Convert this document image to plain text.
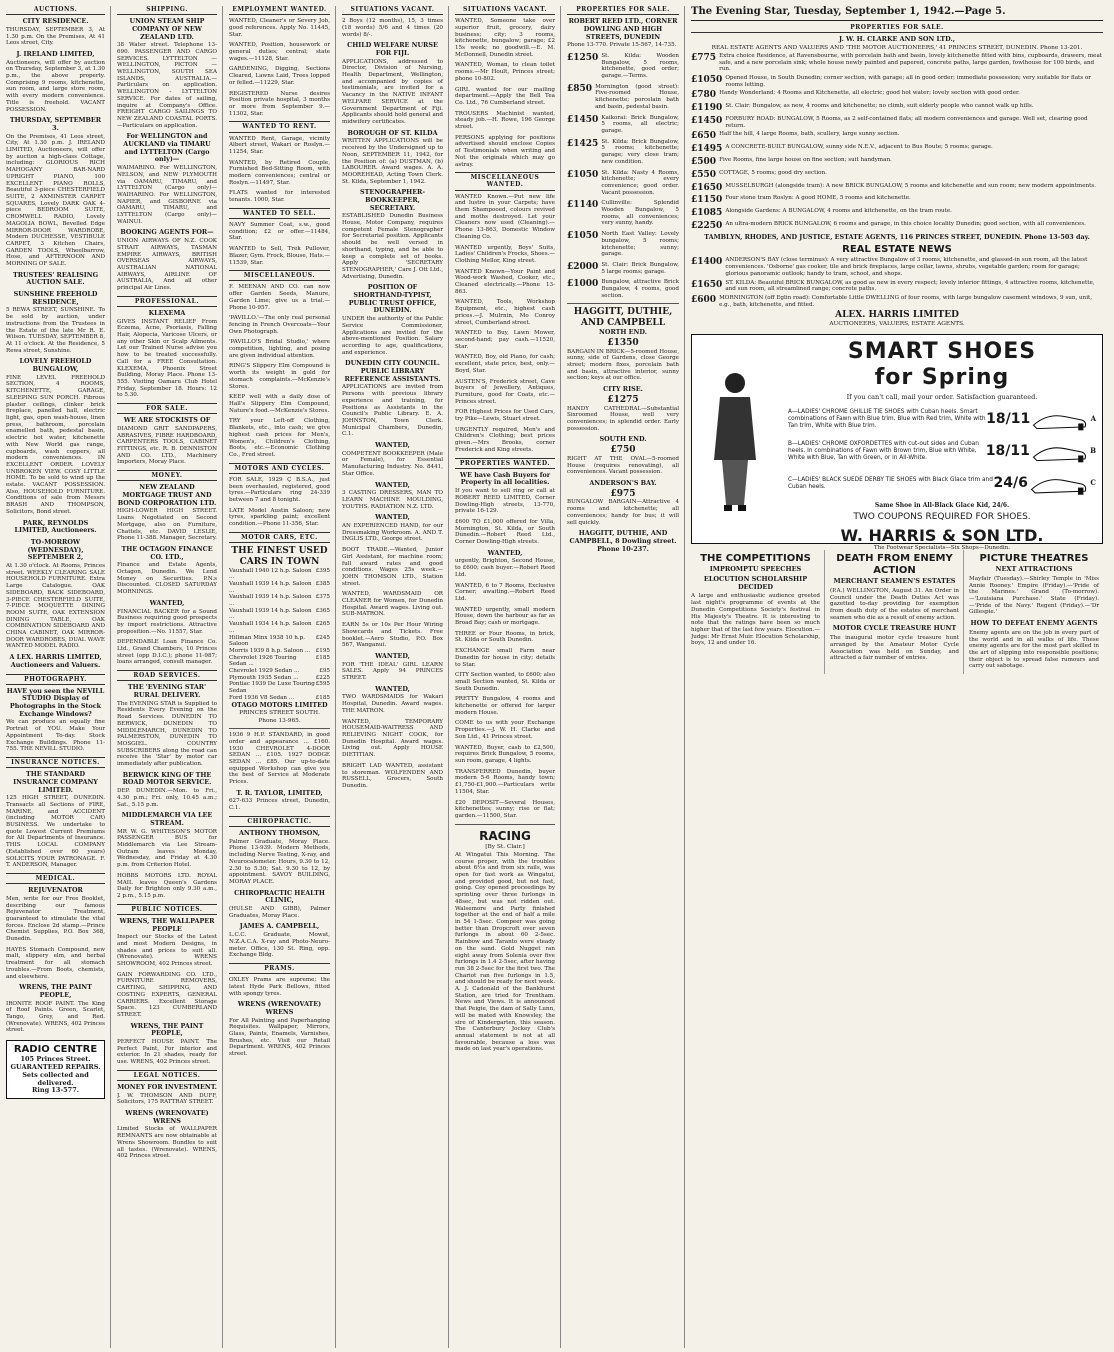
AUCTIONS.
CITY RESIDENCE.
THURSDAY, SEPTEMBER 3, At 1.30 p.m. On the Premises, At 41 Leos street, City.
J. IRELAND LIMITED,
Auctioneers, will offer by auction on Thursday, September 3, at 1.30 p.m., the above property. Comprising 9 rooms, kitchenette, sun room, and large store room, with every modern convenience. Title is freehold. VACANT POSSESSION.
THURSDAY, SEPTEMBER 3.
On the Premises, 41 Leos street, City, At 1.30 p.m. J. IRELAND LIMITED, Auctioneers, will offer by auction a high-class Cottage, including: GLORIOUS RICH MAHOGANY BAR-NARD UPRIGHT PIANO, 100 EXCELLENT PIANO ROLLS, Beautiful 3-piece CHESTERFIELD SUITE, 2 AXMINSTER CARPET SQUARES, Lovely DARK OAK 4-piece BEDROOM SUITE, CROMWELL RADIO, Lovely MAGOLIA BOWL, Bevelled Edge MIRROR-DOOR WARDROBE, Modern DUCHESSE, VESTIBULE CARPET, 3 Kitchen Chairs, GARDEN TOOLS, Wheelbarrow, Hose, and AFTERNOON AND MORNING OF SALE.
TRUSTEES' REALISING AUCTION SALE.
SUNSHINE FREEHOLD RESIDENCE,
5 REWA STREET, SUNSHINE. To be sold by auction, under instructions from the Trustees in the Estate of the late Mr R. E. Wilson. TUESDAY, SEPTEMBER 8, At 11 o'clock. At the Residence, 5 Rewa street, Sunshine.
LOVELY FREEHOLD BUNGALOW,
FINE LEVEL FREEHOLD SECTION, 4 ROOMS, KITCHENETTE, GARAGE, SLEEPING SUN PORCH. Fibrous plaster ceilings, clinker brick fireplace, panelled hall, electric light, gas, open wash-house, linen press, bathroom, porcelain enamelled bath, pedestal basin, electric hot water, kitchenette with New World gas range, cupboards, wash coppers, all modern conveniences. IN EXCELLENT ORDER. LOVELY UNBROKEN VIEW. COSY LITTLE HOME. To be sold to wind up the estate. VACANT POSSESSION. Also, HOUSEHOLD FURNITURE. Conditions of sale from Messrs BRASH AND THOMPSON, Solicitors, Bond street.
PARK, REYNOLDS LIMITED, Auctioneers.
TO-MORROW (WEDNESDAY), SEPTEMBER 2,
At 1.30 o'clock. At Rooms, Princes street. WEEKLY CLEARING SALE HOUSEHOLD FURNITURE. Extra Large Catalogue. OAK SIDEBOARD, BACK SIDEBOARD, 3-PIECE CHESTERFIELD SUITE, 7-PIECE MOQUETTE DINING ROOM SUITE, OAK EXTENSION DINING TABLE, OAK COMBINATION SIDEBOARD AND CHINA CABINET, OAK MIRROR-DOOR WARDROBES, DUAL WAVE WANTED MODEL RADIO.
A LEX. HARRIS LIMITED, Auctioneers and Valuers.
PHOTOGRAPHY.
HAVE you seen the NEVILL STUDIO Display of Photographs in the Stock Exchange Windows?
We can produce an equally fine Portrait of YOU. Make Your Appointment To-day. Stock Exchange Buildings. Phone 11-755. THE NEVILL STUDIO.
INSURANCE NOTICES.
THE STANDARD INSURANCE COMPANY LIMITED.
125 HIGH STREET, DUNEDIN. Transacts all Sections of FIRE, MARINE, and ACCIDENT (including MOTOR CAR) BUSINESS. We undertake to quote Lowest Current Premiums for All Departments of Insurance. THIS LOCAL COMPANY (Established over 60 years) SOLICITS YOUR PATRONAGE. F. T. ANDERSON, Manager.
MEDICAL.
REJUVENATOR
Men, write for our Free Booklet, describing our famous Rejuvenator Treatment, guaranteed to stimulate the vital forces. Enclose 2d stamp.—Prince Chemist Supplies, P.O. Box 368, Dunedin.
HAYES Stomach Compound, new malt, slippery elm, and herbal treatment for all stomach troubles.—From Boots, chemists, and elsewhere.
WRENS, THE PAINT PEOPLE,
IRONITE ROOF PAINT. The King of Roof Paints. Green, Scarlet, Tango, Grey, and Red. (Wrenovate). WRENS, 402 Princes street.
RADIO CENTRE
105 Princes Street.
GUARANTEED REPAIRS.
Sets collected and delivered.
Ring 13-577.
SHIPPING.
UNION STEAM SHIP COMPANY OF NEW ZEALAND LTD.
38 Water street. Telephone 13-690. PASSENGER AND CARGO SERVICES. LYTTELTON — WELLINGTON, PICTON — WELLINGTON, SOUTH SEA ISLANDS, AUSTRALIA.—Particulars on application. WELLINGTON - LYTTELTON SERVICE. For dates of sailing, inquire at Company's Office. FREIGHT CARGO SAILINGS TO NEW ZEALAND COASTAL PORTS.—Particulars on application.
For WELLINGTON and AUCKLAND via TIMARU and LYTTELTON (Cargo only)—
WAIMARINO. For WELLINGTON, NELSON, and NEW PLYMOUTH via OAMARU, TIMARU, and LYTTELTON (Cargo only)— WAIHARINO. For WELLINGTON, NAPIER, and GISBORNE via OAMARU, TIMARU, and LYTTELTON (Cargo only)— WAINUI.
BOOKING AGENTS FOR—
UNION AIRWAYS OF N.Z. COOK STRAIT AIRWAYS, TASMAN EMPIRE AIRWAYS, BRITISH OVERSEAS AIRWAYS, AUSTRALIAN NATIONAL AIRWAYS, AIRLINE OF AUSTRALIA, And all other principal Air Lines.
PROFESSIONAL.
KLEXEMA
GIVES INSTANT RELIEF From Eczema, Acne, Psoriasis, Falling Hair, Alopecia, Varicose Ulcers, or any other Skin or Scalp Ailments. Let our Trained Nurse advise you how to be treated successfully. Call for a FREE Consultation. KLEXEMA, Phoenix Street Building, Moray Place. Phone 13-555. Visiting Oamaru Club Hotel Friday, September 18. Hours: 12 to 5.30.
FOR SALE.
WE ARE STOCKISTS OF
DIAMOND GRIT SANDPAPERS, ABRASIVES, FIBRE HARDBOARD, CARPENTERS TOOLS, CABINET FITTINGS, etc. R. B. DENNISTON AND CO. LTD., Machinery Importers, Moray Place.
MONEY.
NEW ZEALAND MORTGAGE TRUST AND BOND CORPORATION LTD.
HIGH-LOWER HIGH STREET. Loans Negotiated on Second Mortgage, also on Furniture, Chattels, etc. DAVID LESLIE, Phone 11-388. Manager, Secretary.
THE OCTAGON FINANCE CO. LTD.,
Finance and Estate Agents, Octagon, Dunedin. We Lend Money on Securities. P.N.s Discounted. CLOSED SATURDAY MORNINGS.
WANTED,
FINANCIAL BACKER for a Sound Business requiring good prospects by import restrictions. Attractive proposition.—No. 11557, Star.
DEPENDABLE Loan Finance Co. Ltd., Grand Chambers, 10 Princes street (opp D.I.C.); phone 11-987; loans arranged, consult manager.
ROAD SERVICES.
THE 'EVENING STAR' RURAL DELIVERY.
The EVENING STAR is Supplied to Residents Every Evening on the Road Services. DUNEDIN TO BERWICK, DUNEDIN TO MIDDLEMARCH, DUNEDIN TO PALMERSTON, DUNEDIN TO MOSGIEL. COUNTRY SUBSCRIBERS along the road can receive the 'Star' by motor car immediately after publication.
BERWICK KING OF THE ROAD MOTOR SERVICE.
DEP. DUNEDIN.—Mon. to Fri., 4.30 p.m.; Fri. only, 10.45 a.m.; Sat., 5.15 p.m.
MIDDLEMARCH VIA LEE STREAM.
MR W. G. WHITESON'S MOTOR PASSENGER BUS for Middlemarch via Lee Stream-Outram leaves Monday, Wednesday, and Friday at 4.30 p.m. from Criterion Hotel.
HOBBS MOTORS LTD. ROYAL MAIL leaves Queen's Gardens Daily for Brighton only 9.30 a.m., 2 p.m., 5.15 p.m.
PUBLIC NOTICES.
WRENS, THE WALLPAPER PEOPLE
Inspect our Stocks of the Latest and most Modern Designs, in shades and prices to suit all. (Wrenovate). WRENS SHOWROOM, 402 Princes street.
GAIN FORWARDING CO. LTD., FURNITURE REMOVERS, CARTING, SHIPPING, AND COSTING EXPERTS, GENERAL CARRIERS. Excellent Storage Space. 123 CUMBERLAND STREET.
WRENS, THE PAINT PEOPLE,
PERFECT HOUSE PAINT. The Perfect Paint, For interior and exterior. In 21 shades, ready for use. WRENS, 402 Princes street.
LEGAL NOTICES.
MONEY FOR INVESTMENT.
J. W. THOMSON AND DUFF, Solicitors, 175 RATTRAY STREET.
WRENS (WRENOVATE) WRENS
Limited Stocks of WALLPAPER REMNANTS are now obtainable at Wrens Showroom. Bundles to suit all tastes. (Wrenovate). WRENS, 402 Princes street.
EMPLOYMENT WANTED.
WANTED, Cleaner's or Severy Job, good references. Apply No. 11445, Star.
WANTED, Position, housework or general duties; central; state wages.—11128, Star.
GARDENING, Digging, Sections Cleared, Lawns Laid, Trees lopped or felled.—11229, Star.
REGISTERED Nurse desires Position private hospital, 3 months or more from September 9.—11302, Star.
WANTED TO RENT.
WANTED Rent, Garage, vicinity Albert street, Wakari or Roslyn.—11254, Star.
WANTED, by Retired Couple, Furnished Bed-Sitting Room, with modern conveniences; central or Roslyn.—11497, Star.
FLATS wanted for interested tenants. 1000, Star.
WANTED TO SELL.
NAVY Summer Coat, s.w., good condition; £2 or offer.—11484, Star.
WANTED to Sell, Trek Pullover, Blazer, Gym. Frock, Blouse, Hats.—11539, Star.
MISCELLANEOUS.
F. MEENAN AND CO. can now offer Garden Seeds, Manure, Garden Lime; give us a trial.—Phone 10-957.
'PAVILLO.'—The only real personal fencing in French Overcoats—Your Own Photograph.
'PAVILLO'S Bridal Studio,' where competition, lighting, and posing are given individual attention.
RING'S Slippery Elm Compound is worth its weight in gold for stomach complaints.—McKenzie's Stores.
KEEP well with a daily dose of Hall's Slippery Elm Compound, Nature's food.—McKenzie's Stores.
TRY your Left-off Clothing, Blankets, etc., into cash; we give highest cash prices for Men's, Women's, Children's Clothing, Boots, etc.—Economic Clothing Co., Fred street.
MOTORS AND CYCLES.
FOR SALE, 1929 Ç B.S.A., just been overhauled, registered, good tyres.—Particulars ring 24-339 between 7 and 8 tonight.
LATE Model Austin Saloon; new tyres, sparkling paint; excellent condition.—Phone 11-356, Star.
MOTOR CARS, ETC.
THE FINEST USED CARS IN TOWN
Vauxhall 1940 12 h.p. Saloon ...
£395
Vauxhall 1939 14 h.p. Saloon ...
£385
Vauxhall 1939 14 h.p. Saloon ...
£375
Vauxhall 1939 14 h.p. Saloon ...
£365
Vauxhall 1934 14 h.p. Saloon ...
£265
Hillman Minx 1938 10 h.p. Saloon
£245
Morris 1939 8 h.p. Saloon ... £195
Chevrolet 1926 Touring Sedan ...
£185
Chevrolet 1929 Sedan ...	£95
Plymouth 1935 Sedan ...	£225
Pontiac 1939 De Luxe Touring Sedan
£595
Ford 1936 V8 Sedan ...	£185
OTAGO MOTORS LIMITED
PRINCES STREET SOUTH.
Phone 13-965.
1936 9 H.P. STANDARD, in good order and appearance ... £160. 1930 CHEVROLET 4-DOOR SEDAN ... £105. 1927 DODGE SEDAN ... £85. Our up-to-date equipped Workshop can give you the best of Service at Moderate Prices.
T. R. TAYLOR, LIMITED,
627-633 Princes street, Dunedin, C.1.
CHIROPRACTIC.
ANTHONY THOMSON,
Palmer Graduate, Moray Place. Phone 13-939. Modern Methods, including Nerve Testing, X-ray, and Neurocalometer. Hours, 9.30 to 12, 2.30 to 5.30; Sat. 9.30 to 12, by appointment. SAVOY BUILDING, MORAY PLACE.
CHIROPRACTIC HEALTH CLINIC,
(HULSE AND GIBB), Palmer Graduates, Moray Place.
JAMES A. CAMPBELL,
L.C.C. Graduate, Mowat, N.Z.A.C.A. X-ray and Photo-Neuro-meter. Office, 130 St. Ring, opp. Exchange Bldg.
PRAMS.
OXLEY Prams are supreme; the latest Hyde Park Bellows, fitted with spongy tyres.
WRENS (WRENOVATE) WRENS
For All Painting and Paperhanging Requisites. Wallpaper, Mirrors, Glass, Paints, Enamels, Varnishes, Brushes, etc. Visit our Retail Department. WRENS, 402 Princes street.
SITUATIONS VACANT.
2 Boys (12 months), 15, 3 times (18 words) 5/6 and 4 times (20 words) 8/-.
CHILD WELFARE NURSE FOR FIJI.
APPLICATIONS, addressed to Director, Division of Nursing, Health Department, Wellington, and accompanied by copies of testimonials, are invited for a Vacancy in the NATIVE INFANT WELFARE SERVICE at the Government Department of Fiji. Applicants should hold general and midwifery certificates.
BOROUGH OF ST. KILDA
WRITTEN APPLICATIONS will be received by the Undersigned up to Noon, SEPTEMBER 11, 1942, for the Position of: (a) DUSTMAN, (b) LABOURER. Award wages. A. A. MOOREHEAD, Acting Town Clerk. St. Kilda, September 1, 1942.
STENOGRAPHER-BOOKKEEPER, SECRETARY.
ESTABLISHED Dunedin Business House, Motor Company, requires competent Female Stenographer for Secretarial position. Applicants should be well versed in shorthand, typing, and be able to keep a complete set of books. Apply 'SECRETARY STENOGRAPHER,' Care J. Ott Ltd., Advertising, Dunedin.
POSITION OF SHORTHAND-TYPIST, PUBLIC TRUST OFFICE, DUNEDIN.
UNDER the authority of the Public Service Commissioner, Applications are invited for the above-mentioned Position. Salary according to age, qualifications, and experience.
DUNEDIN CITY COUNCIL. PUBLIC LIBRARY REFERENCE ASSISTANTS.
APPLICATIONS are invited from Persons with previous library experience and training, for Positions as Assistants in the Council's Public Library. E. A. JOHNSTON, Town Clerk. Municipal Chambers, Dunedin, C.1.
WANTED,
COMPETENT BOOKKEEPER (Male or Female), for Essential Manufacturing Industry. No. 8441, Star Office.
WANTED,
3 CASTING DRESSERS, MAN TO LEARN MACHINE MOULDING, YOUTHS. RADIATION N.Z. LTD.
WANTED,
AN EXPERIENCED HAND, for our Dressmaking Workroom. A. AND T. INGLIS LTD., George street.
BOOT TRADE.—Wanted, Junior Girl Assistant, for machine room; full award rates and good conditions. Wages 25s week.—JOHN THOMSON LTD., Station street.
WANTED, WARDSMAID OR CLEANER for Women, for Dunedin Hospital. Award wages. Living out. SUB-MATRON.
EARN 5s or 10s Per Hour Wiring Showcards and Tickets. Free booklet.—Aero Studio, P.O. Box 567, Wanganui.
WANTED,
FOR 'THE IDEAL' GIRL LEARN SALES. Apply 94 PRINCES STREET.
WANTED,
TWO WARDSMAIDS for Wakari Hospital, Dunedin. Award wages. THE MATRON.
WANTED, TEMPORARY HOUSEMAID-WAITRESS AND RELIEVING NIGHT COOK, for Dunedin Hospital. Award wages. Living out. Apply HOUSE DIETITIAN.
BRIGHT LAD WANTED, assistant to storeman. WOLFENDEN AND RUSSELL, Grocers, South Dunedin.
SITUATIONS VACANT.
WANTED, Someone take over superior fruit, grocery, dairy business; city; 3 rooms, kitchenette, bungalow; garage; £2 15s week; no goodwill.—E. M. McDonnell, Dunedin street.
WANTED, Woman, to clean toilet rooms.—Mr Hoult, Princes street; phone 10-802.
GIRL wanted for our mailing department.—Apply the Bell Tea Co. Ltd., 76 Cumberland street.
TROUSERS Machinist wanted, steady job.—H. Rowe, 196 George street.
PERSONS applying for positions advertised should enclose Copies of Testimonials when writing and Not the originals which may go astray.
MISCELLANEOUS WANTED.
WANTED Known.—Put new life and lustre in your Carpets; have them Shampooed, colours revived and moths destroyed. Let your Cleaners now used (Cleaning).—Phone 13-863, Domestic Window Cleaning Co.
WANTED urgently, Boys' Suits, Ladies' Children's Frocks, Shoes.—Clothing Mellor, King street.
WANTED Known—Your Paint and Wood-work Washed, Cooker, etc., Cleaned electrically.—Phone 13-863.
WANTED, Tools, Workshop Equipment, etc., highest cash prices.—J. Mulrnin, Mo Conroy street, Cumberland street.
WANTED to Buy, Lawn Mower, second-hand; pay cash.—11520, Star.
WANTED, Boy, old Piano, for cash; excellent, state price, best, only.—Boyd, Star.
AUSTEN'S, Frederick street, Cave buyers of Jewellery, Antiques, Furniture, good for Coats, etc.—Princes street.
FOR Highest Prices for Used Cars, try Pike—Lewis, Stuart street.
URGENTLY required, Men's and Children's Clothing; best prices given.—Mrs Brooks, corner Frederick and King streets.
PROPERTIES WANTED.
WE have Cash Buyers for Property in all localities.
If you want to sell ring or call at ROBERT REED LIMITED, Corner Dowling-High streets, 13-770, private 16-129.
£600 TO £1,000 offered for Villa, Mornington, St. Kilda, or South Dunedin.—Robert Reed Ltd., Corner Dowling-High streets.
WANTED,
urgently, Brighton, Second House, to £600; cash buyer.—Robert Reed Ltd.
WANTED, 6 to 7 Rooms, Exclusive Corner; awaiting.—Robert Reed Ltd.
WANTED urgently, small modern House, down the harbour as far as Broad Bay; cash or mortgage.
THREE or Four Rooms, in brick, St. Kilda or South Dunedin.
EXCHANGE small Farm near Dunedin for house in city; details to Star.
CITY Section wanted, to £600; also small Section wanted, St. Kilda or South Dunedin.
PRETTY Bungalow, 4 rooms and kitchenette or offered for larger modern House.
COME to us with your Exchange Properties.—J. W. H. Clarke and Son Ltd., 41 Princes street.
WANTED, Buyer, cash to £2,500, requires Brick Bungalow, 5 rooms, sun room, garage, 4 lights.
TRANSFERRED Dunedin, buyer modern 5-6 Rooms, handy town; £1,750-£1,900.—Particulars write 11504, Star.
£20 DEPOSIT—Several Houses, kitchenettes; sunny; rise or flat; garden.—11500, Star.
RACING
[By St. Clair.]
At Wingatui This Morning. The course proper, with the troubles about 6½s and from six rails, was open for fast work as Wingatui, and provided good, but not fast, going. Coy opened proceedings by sprinting over three furlongs in 48sec, but was not ridden out. Walsemore and Party finished together at the end of half a mile in 54 1-5sec. Compeer was going better than Dropcroft over seven furlongs in about 60 2-5sec. Rainbow and Taranto were steady on the sand. Gold Nugget ran eight away from Solenia over five furlongs in 1.4 2-5sec, after having run 38 2-5sec for the first two. The Chariot ran five furlongs in 1.5, and should be ready for next week. A. J. Cadonald of the Bankhurst Station, are tried for Trentham. News and Views. It is announced that Peigie, the dam of Sally Lunn, will be mated with Knowsley, the sire of Kindergarten, this season. The Canterbury Jockey Club's annual statement is not at all favourable, because a loss was made on last year's operations.
PROPERTIES FOR SALE.
ROBERT REED LTD., CORNER DOWLING AND HIGH STREETS, DUNEDIN
Phone 13-770. Private 15-567, 14-735.
£1250 St. Kilda: Wooden Bungalow, 5 rooms, kitchenette, good order; garage.—Terms.
£850 Mornington (good street): Five-roomed House, kitchenette; porcelain bath and basin, pedestal basin.
£1450 Kaikorai: Brick Bungalow, 5 rooms, all electric; garage.
£1425 St. Kilda: Brick Bungalow, 5 rooms; kitchenette; garage; very close tram; new condition.
£1050 St. Kilda: Nasty 4 Rooms, kitchenette; every convenience; good order. Vacant possession.
£1140 Cullinville: Splendid Wooden Bungalow, 5 rooms, all conveniences; very sunny, handy.
£1050 North East Valley: Lovely bungalow, 5 rooms; kitchenette; sunny; garage.
£2000 St. Clair: Brick Bungalow, 5 large rooms; garage.
£1000 Bungalow, attractive Brick Bungalow, 4 rooms, good section.
HAGGITT, DUTHIE, AND CAMPBELL
NORTH END.
£1350
BARGAIN IN BRICK—5-roomed House, sunny, side of Gardens, close George street; modern fixes, porcelain bath and basin, attractive interior, sunny section; keys at our office.
CITY RISE.
£1275
HANDY CATHEDRAL—Substantial Sixroomed House, well very conveniences; in splendid order. Early possession.
SOUTH END.
£750
RIGHT AT THE OVAL—5-roomed House (requires renovating), all conveniences. Vacant possession.
ANDERSON'S BAY.
£975
BUNGALOW BARGAIN—Attractive 4 rooms and kitchenette; all conveniences; handy for bus; it will sell quickly.
HAGGITT, DUTHIE, AND CAMPBELL, 8 Dowling street. Phone 10-237.
The Evening Star, Tuesday, September 1, 1942.—Page 5.
PROPERTIES FOR SALE.
J. W. H. CLARKE AND SON LTD.,
REAL ESTATE AGENTS AND VALUERS AND 'THE MOTOR AUCTIONEERS,' 41 PRINCES STREET, DUNEDIN. Phone 13-201.
£775 Extra choice Residence, at Ravensbourne, with porcelain bath and basin, lovely kitchenette fitted with bins, cupboards, drawers, meat safe, and a new porcelain sink; whole house newly painted and papered, concrete paths, large garden, fowlhouse for 100 birds, and run.
£1050 Opened House, in South Dunedin; corner section, with garage; all in good order; immediate possession; very suitable for flats or rooms letting.
£780 Handy Wonderland: 4 Rooms and Kitchenette, all electric; good hot water; lovely section with good order.
£1190 St. Clair: Bungalow, as new, 4 rooms and kitchenette; no climb, suit elderly people who cannot walk up hills.
£1450 FORBURY ROAD: BUNGALOW, 5 Rooms, as 2 self-contained flats; all modern conveniences and garage. Well set, clearing good return.
£650 Half the hill, 4 large Rooms, bath, scullery, large sunny section.
£1495 A CONCRETE-BUILT BUNGALOW, sunny side N.E.V., adjacent to Bus Route; 5 rooms; garage.
£500 Five Rooms, fine large house on fine section; suit handyman.
£550 COTTAGE, 5 rooms; good dry section.
£1650 MUSSELBURGH (alongside tram): A new BRICK BUNGALOW, 5 rooms and kitchenette and sun room; new modern appointments.
£1150 Four stone tram Roslyn: A good HOME, 5 rooms and kitchenette.
£1085 Alongside Gardens: A BUNGALOW, 4 rooms and kitchenette, on the tram route.
£2250 An ultra-modern BRICK BUNGALOW, 6 rooms and garage, in this choice locality Dunedin; good section, with all conveniences.
TAMBLYN, RHODES, AND JUSTICE, ESTATE AGENTS, 116 PRINCES STREET, DUNEDIN. Phone 13-503 day.
REAL ESTATE NEWS
£1400 ANDERSON'S BAY (close terminus): A very attractive Bungalow of 3 rooms, kitchenette, and glassed-in sun room, all the latest conveniences. 'Osborne' gas cooker, tile and brick fireplaces, large cellar, lawns, shrubs, vegetable garden; room for garage; glorious panoramic outlook; handy to tram, school, and shops.
£1650 ST. KILDA: Beautiful BRICK BUNGALOW, as good as new in every respect; lovely interior fittings, 4 attractive rooms, kitchenette, and sun room, all streamlined range; concrete paths.
£600 MORNINGTON (off Eglin road): Comfortable Little DWELLING of four rooms, with large bungalow casement windows, 9 sun, unit, e.g., bath, kitchenette, and fitted.
ALEX. HARRIS LIMITED
AUCTIONEERS, VALUERS, ESTATE AGENTS.
SMART SHOES
for Spring
If you can't call, mail your order. Satisfaction guaranteed.
A—LADIES' CHROME GHILLIE TIE SHOES with Cuban heels. Smart combinations of Fawn with Blue trim, Blue with Red trim, White with Tan trim, White with Blue trim.	18/11	A
B—LADIES' CHROME OXFORDETTES with cut-out sides and Cuban heels. In combinations of Fawn with Brown trim, Blue with White, White with Blue, Tan with Green, or in All-White.	18/11	B
C—LADIES' BLACK SUEDE DERBY TIE SHOES with Black Glace trim and Cuban heels.	24/6	C
Same Shoe in All-Black Glace Kid, 24/6.
TWO COUPONS REQUIRED FOR SHOES.
W. HARRIS & SON LTD.
The Footwear Specialists—Six Shops—Dunedin.
THE COMPETITIONS
IMPROMPTU SPEECHES
ELOCUTION SCHOLARSHIP DECIDED
A large and enthusiastic audience greeted last night's programme of events at the Dunedin Competitions Society's festival in His Majesty's Theatre. It is interesting to note that the ratings have been so much higher that of the last few years. Elocution.—Judge: Mr Ernst Muir. Elocution Scholarship, boys, 12 and under 16.
DEATH FROM ENEMY ACTION
MERCHANT SEAMEN'S ESTATES
(P.A.) WELLINGTON, August 31. An Order in Council under the Death Duties Act was gazetted to-day providing for exemption from death duty of the estates of merchant seamen who die as a result of enemy action.
MOTOR CYCLE TREASURE HUNT
The inaugural motor cycle treasure hunt arranged by the Amateur Motor Cycle Association was held on Sunday, and attracted a fair number of entries.
PICTURE THEATRES
NEXT ATTRACTIONS
Mayfair (Tuesday).—Shirley Temple in 'Miss Annie Rooney.' Empire (Friday).—'Pride of the Marines.' Grand (To-morrow).—'Louisiana Purchase.' State (Friday).—'Pride of the Navy.' Regent (Friday).—'Dr Gillespie.'
HOW TO DEFEAT ENEMY AGENTS
Enemy agents are on the job in every part of the world and in all walks of life. These enemy agents are for the most part skilled in the art of slipping into responsible positions; their object is to spread false rumours and carry out sabotage.
